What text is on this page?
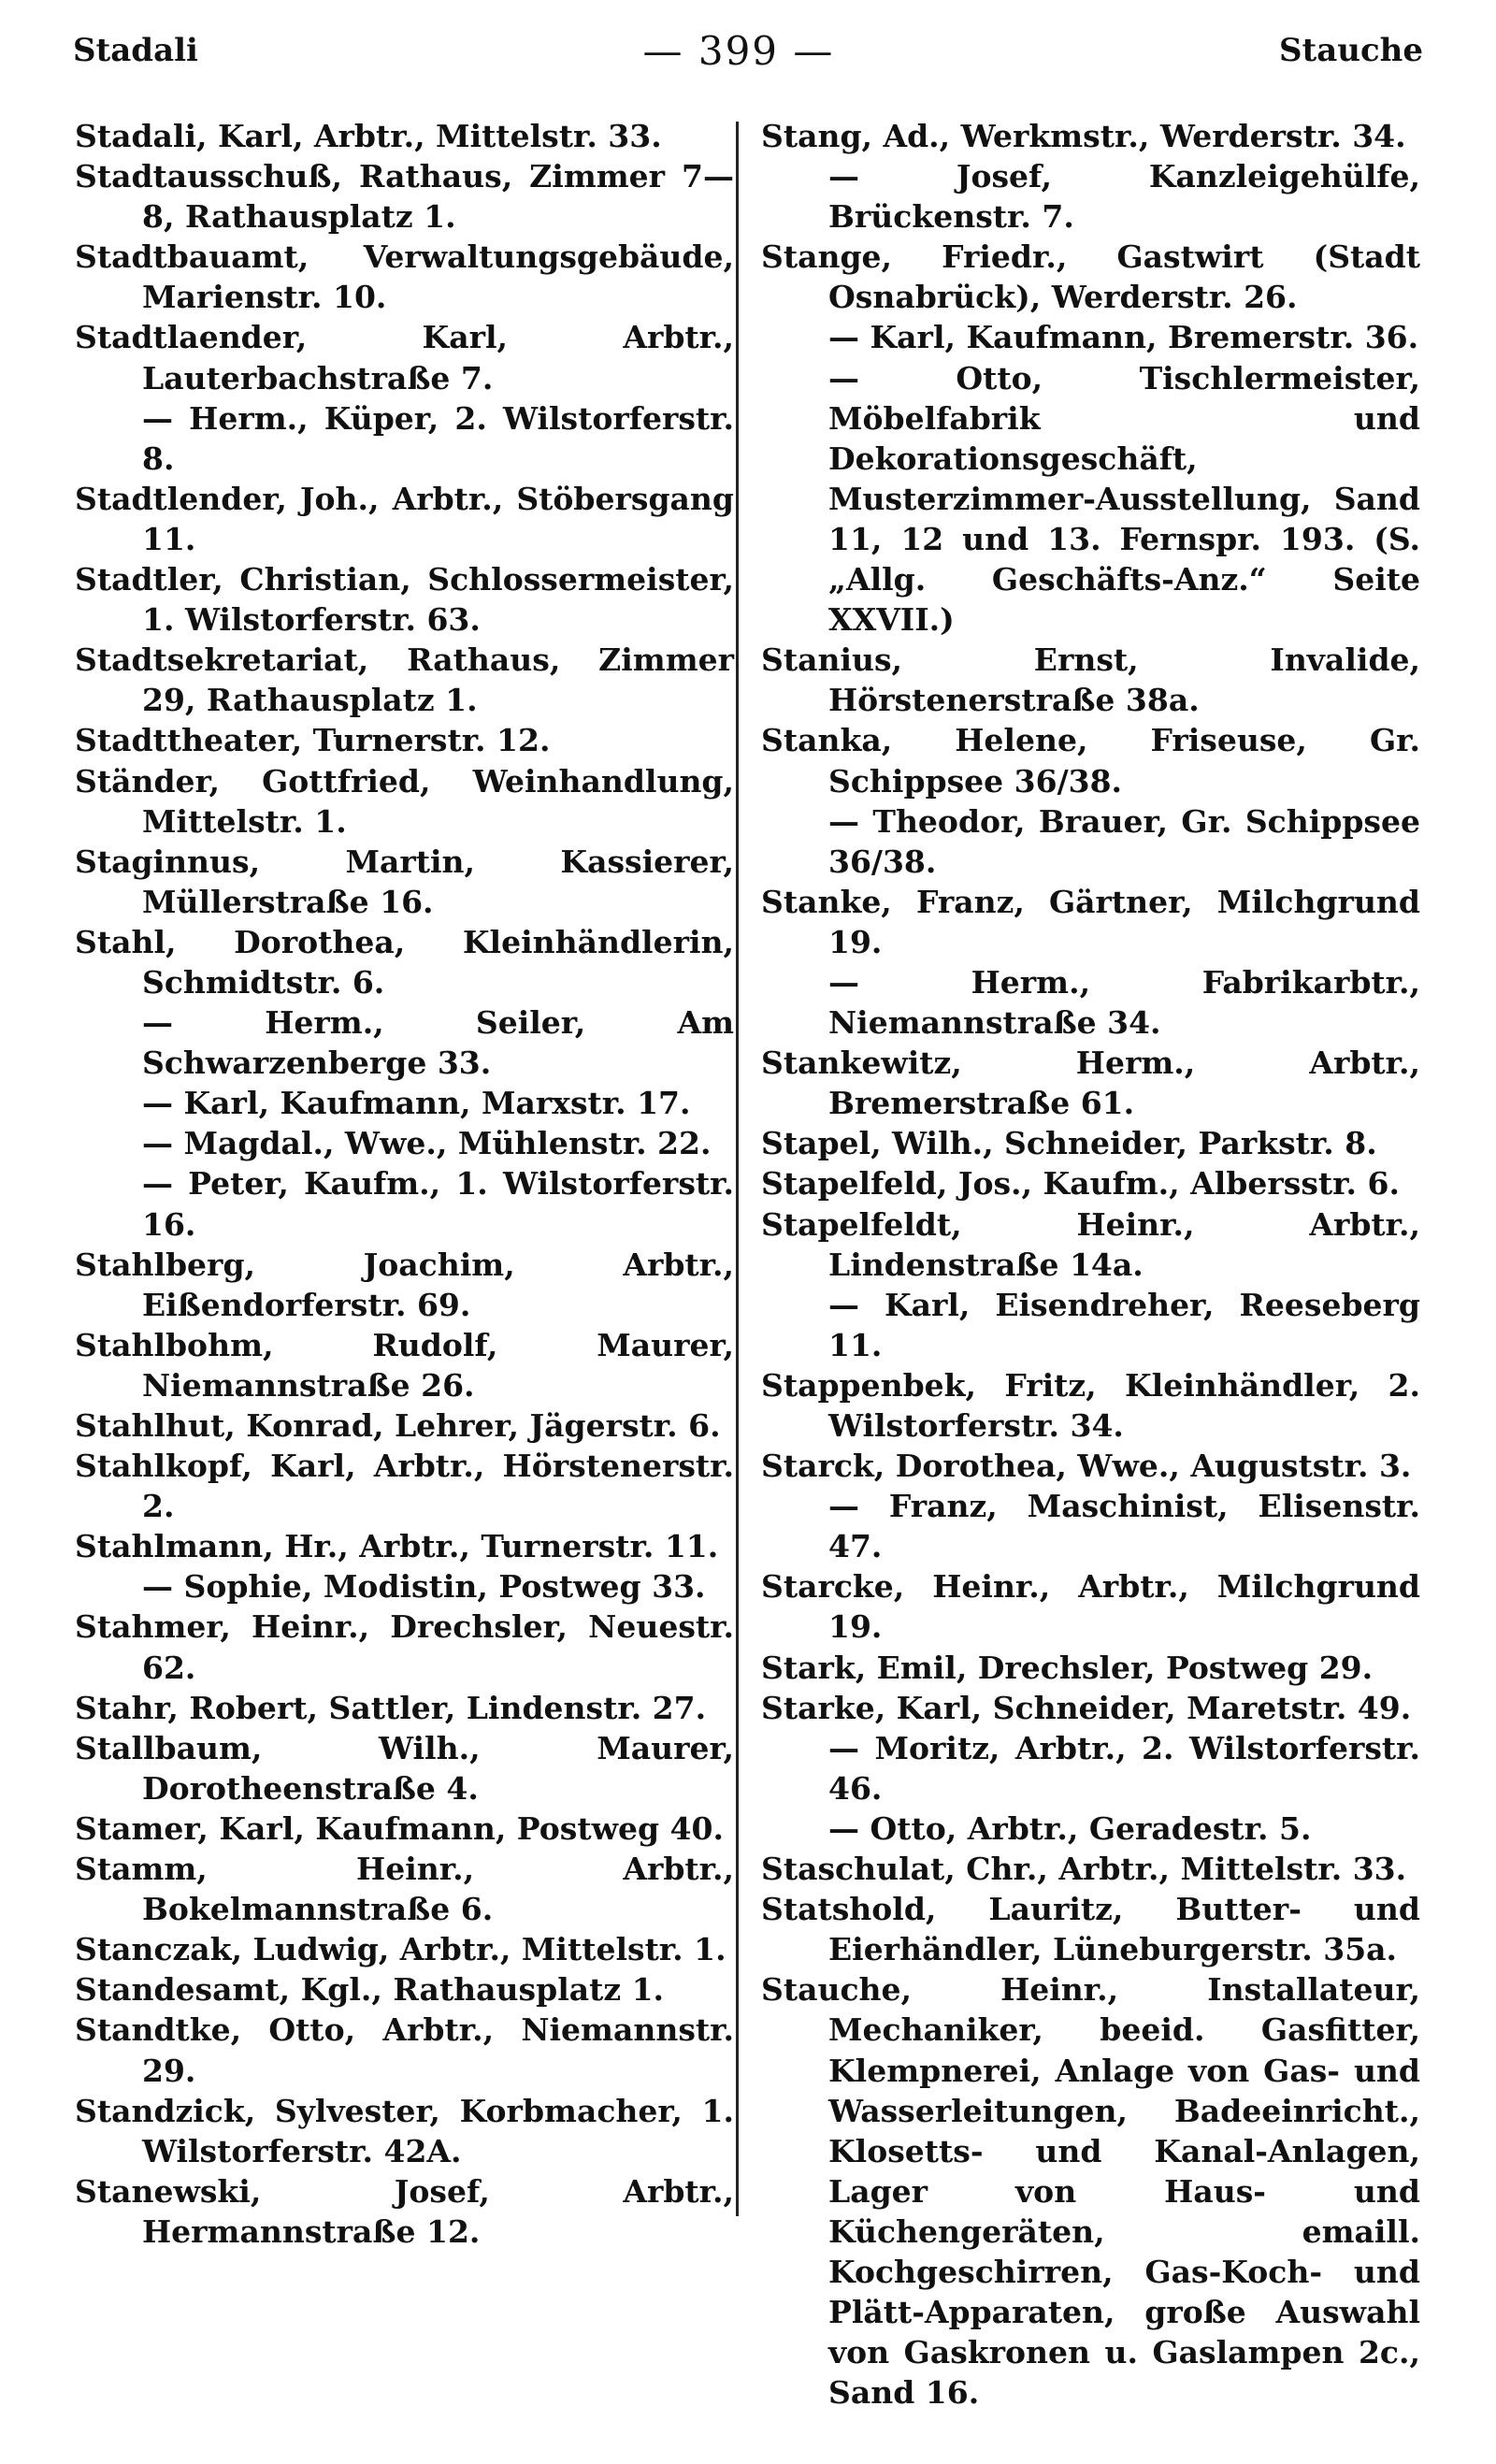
Stadali	— 399 —	Stauche
Stadali, Karl, Arbtr., Mittelstr. 33.
Stadtausschuß, Rathaus, Zimmer 7—8, Rathausplatz 1.
Stadtbauamt, Verwaltungsgebäude, Marienstr. 10.
Stadtlaender, Karl, Arbtr., Lauterbachstraße 7.
— Herm., Küper, 2. Wilstorferstr. 8.
Stadtlender, Joh., Arbtr., Stöbersgang 11.
Stadtler, Christian, Schlossermeister, 1. Wilstorferstr. 63.
Stadtsekretariat, Rathaus, Zimmer 29, Rathausplatz 1.
Stadttheater, Turnerstr. 12.
Ständer, Gottfried, Weinhandlung, Mittelstr. 1.
Staginnus, Martin, Kassierer, Müllerstraße 16.
Stahl, Dorothea, Kleinhändlerin, Schmidtstr. 6.
— Herm., Seiler, Am Schwarzenberge 33.
— Karl, Kaufmann, Marxstr. 17.
— Magdal., Wwe., Mühlenstr. 22.
— Peter, Kaufm., 1. Wilstorferstr. 16.
Stahlberg, Joachim, Arbtr., Eißendorferstr. 69.
Stahlbohm, Rudolf, Maurer, Niemannstraße 26.
Stahlhut, Konrad, Lehrer, Jägerstr. 6.
Stahlkopf, Karl, Arbtr., Hörstenerstr. 2.
Stahlmann, Hr., Arbtr., Turnerstr. 11.
— Sophie, Modistin, Postweg 33.
Stahmer, Heinr., Drechsler, Neuestr. 62.
Stahr, Robert, Sattler, Lindenstr. 27.
Stallbaum, Wilh., Maurer, Dorotheenstraße 4.
Stamer, Karl, Kaufmann, Postweg 40.
Stamm, Heinr., Arbtr., Bokelmannstraße 6.
Stanczak, Ludwig, Arbtr., Mittelstr. 1.
Standesamt, Kgl., Rathausplatz 1.
Standtke, Otto, Arbtr., Niemannstr. 29.
Standzick, Sylvester, Korbmacher, 1. Wilstorferstr. 42A.
Stanewski, Josef, Arbtr., Hermannstraße 12.
Stang, Ad., Werkmstr., Werderstr. 34.
— Josef, Kanzleigehülfe, Brückenstr. 7.
Stange, Friedr., Gastwirt (Stadt Osnabrück), Werderstr. 26.
— Karl, Kaufmann, Bremerstr. 36.
— Otto, Tischlermeister, Möbelfabrik und Dekorationsgeschäft, Musterzimmer-Ausstellung, Sand 11, 12 und 13. Fernspr. 193. (S. „Allg. Geschäfts-Anz.“ Seite XXVII.)
Stanius, Ernst, Invalide, Hörstenerstraße 38a.
Stanka, Helene, Friseuse, Gr. Schippsee 36/38.
— Theodor, Brauer, Gr. Schippsee 36/38.
Stanke, Franz, Gärtner, Milchgrund 19.
— Herm., Fabrikarbtr., Niemannstraße 34.
Stankewitz, Herm., Arbtr., Bremerstraße 61.
Stapel, Wilh., Schneider, Parkstr. 8.
Stapelfeld, Jos., Kaufm., Albersstr. 6.
Stapelfeldt, Heinr., Arbtr., Lindenstraße 14a.
— Karl, Eisendreher, Reeseberg 11.
Stappenbek, Fritz, Kleinhändler, 2. Wilstorferstr. 34.
Starck, Dorothea, Wwe., Auguststr. 3.
— Franz, Maschinist, Elisenstr. 47.
Starcke, Heinr., Arbtr., Milchgrund 19.
Stark, Emil, Drechsler, Postweg 29.
Starke, Karl, Schneider, Maretstr. 49.
— Moritz, Arbtr., 2. Wilstorferstr. 46.
— Otto, Arbtr., Geradestr. 5.
Staschulat, Chr., Arbtr., Mittelstr. 33.
Statshold, Lauritz, Butter- und Eierhändler, Lüneburgerstr. 35a.
Stauche, Heinr., Installateur, Mechaniker, beeid. Gasfitter, Klempnerei, Anlage von Gas- und Wasserleitungen, Badeeinricht., Klosetts- und Kanal-Anlagen, Lager von Haus- und Küchengeräten, emaill. Kochgeschirren, Gas-Koch- und Plätt-Apparaten, große Auswahl von Gaskronen u. Gaslampen 2c., Sand 16.
